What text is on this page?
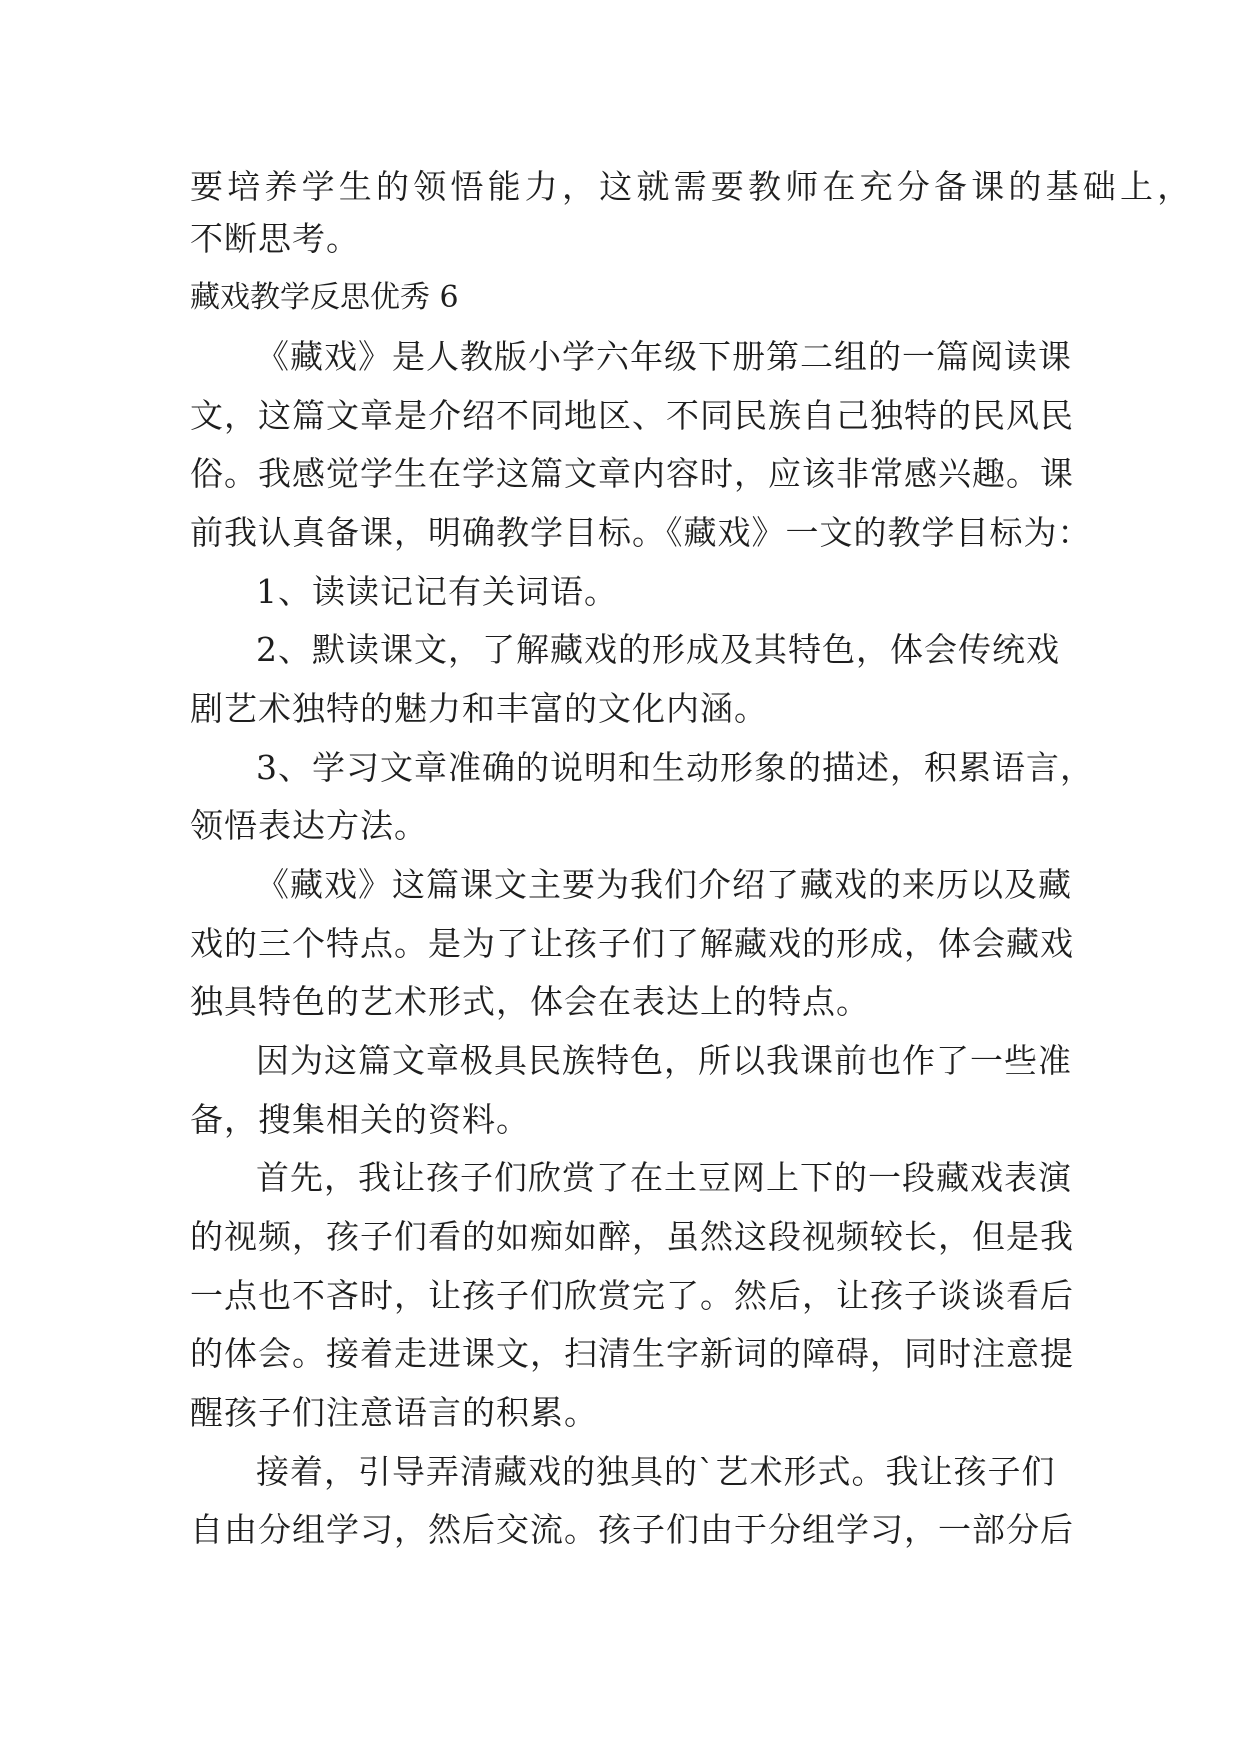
要培养学生的领悟能力，这就需要教师在充分备课的基础上，
不断思考。
藏戏教学反思优秀 6
《藏戏》是人教版小学六年级下册第二组的一篇阅读课
文，这篇文章是介绍不同地区、不同民族自己独特的民风民
俗。我感觉学生在学这篇文章内容时，应该非常感兴趣。课
前我认真备课，明确教学目标。《藏戏》一文的教学目标为：
1、读读记记有关词语。
2、默读课文，了解藏戏的形成及其特色，体会传统戏
剧艺术独特的魅力和丰富的文化内涵。
3、学习文章准确的说明和生动形象的描述，积累语言，
领悟表达方法。
《藏戏》这篇课文主要为我们介绍了藏戏的来历以及藏
戏的三个特点。是为了让孩子们了解藏戏的形成，体会藏戏
独具特色的艺术形式，体会在表达上的特点。
因为这篇文章极具民族特色，所以我课前也作了一些准
备，搜集相关的资料。
首先，我让孩子们欣赏了在土豆网上下的一段藏戏表演
的视频，孩子们看的如痴如醉，虽然这段视频较长，但是我
一点也不吝时，让孩子们欣赏完了。然后，让孩子谈谈看后
的体会。接着走进课文，扫清生字新词的障碍，同时注意提
醒孩子们注意语言的积累。
接着，引导弄清藏戏的独具的`艺术形式。我让孩子们
自由分组学习，然后交流。孩子们由于分组学习，一部分后
